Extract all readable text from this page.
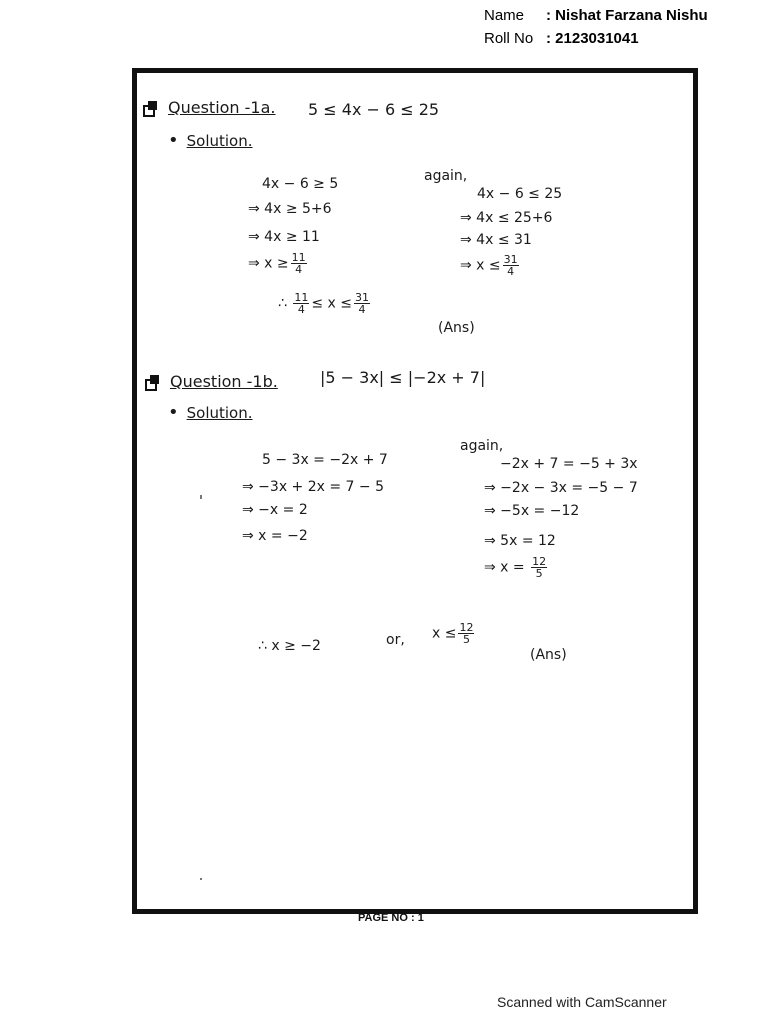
Name	: Nishat Farzana Nishu
Roll No : 2123031041
Question -1a. 5 ≤ 4x − 6 ≤ 25
• Solution.
4x − 6 ≥ 5
⇒ 4x ≥ 5+6
⇒ 4x ≥ 11
⇒ $x \ge \frac{11}{4}$
again,
4x − 6 ≤ 25
⇒ 4x ≤ 25+6
⇒ 4x ≤ 31
⇒ $x \le \frac{31}{4}$
∴ $\frac{11}{4} \le x \le \frac{31}{4}$
(Ans)
Question -1b.	|5 − 3x| ≤ |−2x + 7|
• Solution.
5 − 3x = −2x + 7
⇒ −3x + 2x = 7 − 5
⇒ −x = 2
⇒ x = −2
again,
−2x + 7 = −5 + 3x
⇒ −2x − 3x = −5 − 7
⇒ −5x = −12
⇒ 5x = 12
⇒ $x = \frac{12}{5}$
∴ x ≥ −2	or, $x \le \frac{12}{5}$
(Ans)
PAGE NO : 1
Scanned with CamScanner
